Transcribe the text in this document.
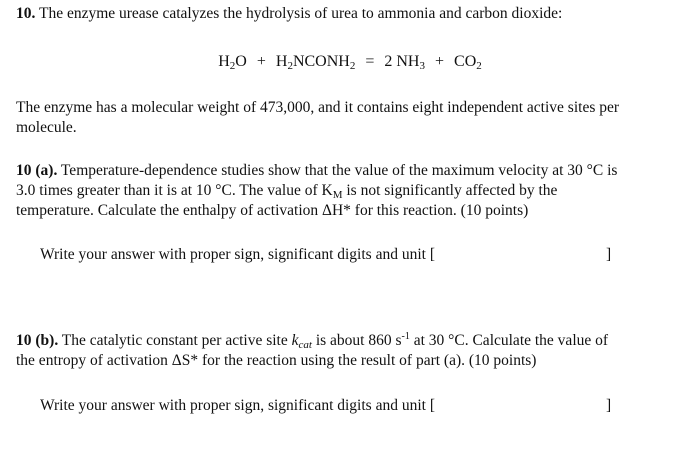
10. The enzyme urease catalyzes the hydrolysis of urea to ammonia and carbon dioxide:
$H_2O$ + $H_2NCONH_2 = 2$ $NH_3 + CO_2$
The enzyme has a molecular weight of 473,000, and it contains eight independent active sites per
molecule.
10 (a). Temperature-dependence studies show that the value of the maximum velocity at 30 °C is
3.0 times greater than it is at 10 °C. The value of $K_M$ is not significantly affected by the
temperature. Calculate the enthalpy of activation ΔH* for this reaction. (10 points)
Write your answer with proper sign, significant digits and unit [	]
10 (b). The catalytic constant per active site $k_{cat}$ is about 860 $s^{-1}$ at 30 °C. Calculate the value of
the entropy of activation ΔS* for the reaction using the result of part (a). (10 points)
Write your answer with proper sign, significant digits and unit [	]
